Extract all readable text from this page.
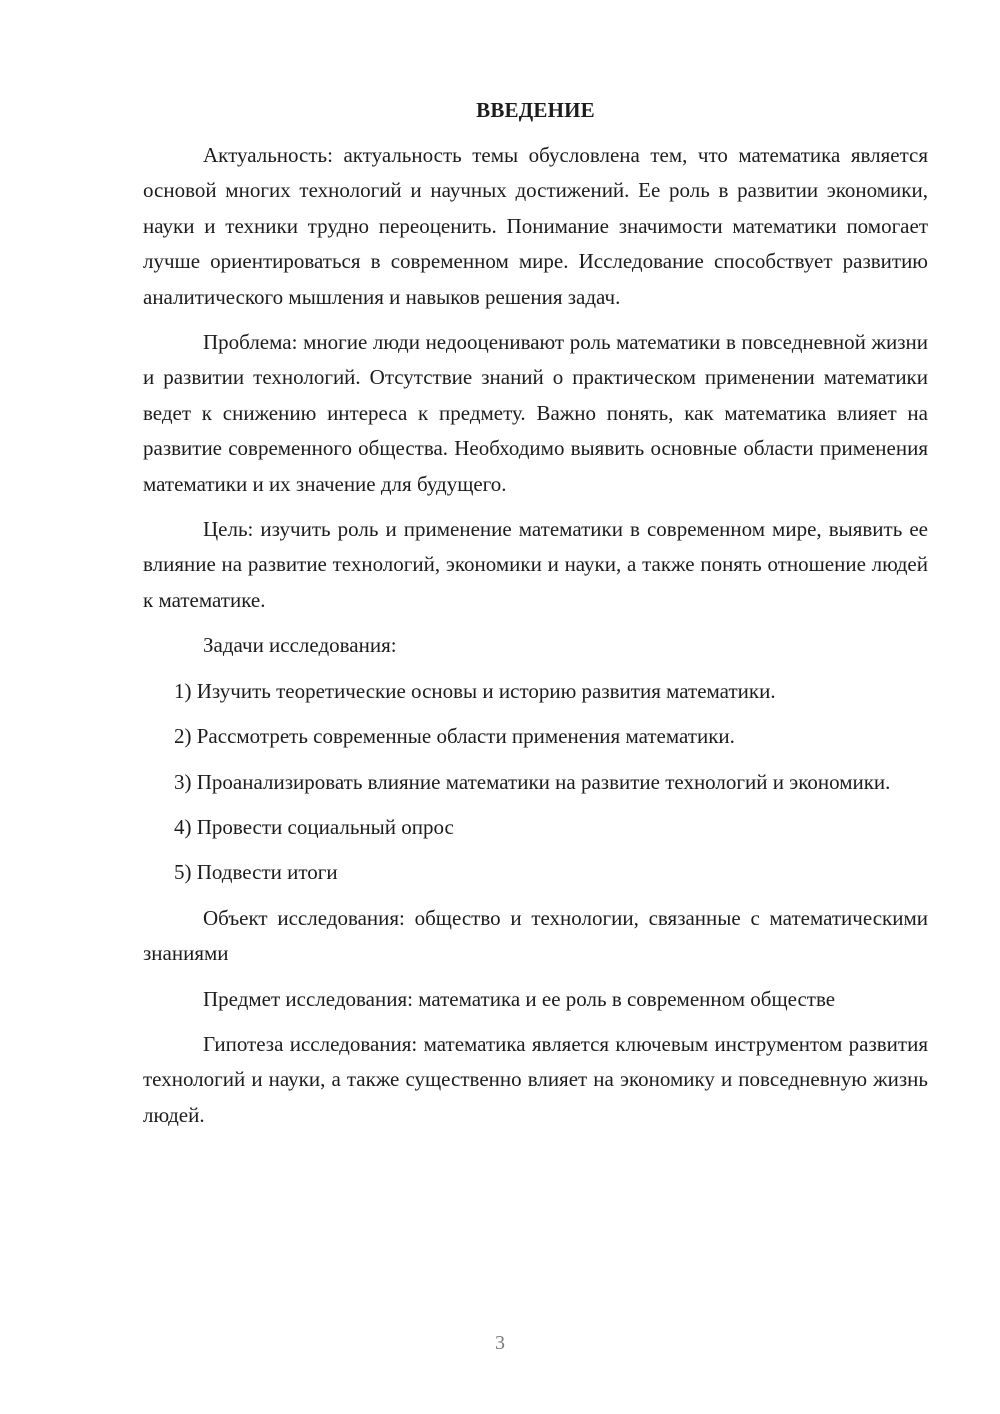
ВВЕДЕНИЕ

Актуальность: актуальность темы обусловлена тем, что математика является основой многих технологий и научных достижений. Ее роль в развитии экономики, науки и техники трудно переоценить. Понимание значимости математики помогает лучше ориентироваться в современном мире. Исследование способствует развитию аналитического мышления и навыков решения задач.

Проблема: многие люди недооценивают роль математики в повседневной жизни и развитии технологий. Отсутствие знаний о практическом применении математики ведет к снижению интереса к предмету. Важно понять, как математика влияет на развитие современного общества. Необходимо выявить основные области применения математики и их значение для будущего.

Цель: изучить роль и применение математики в современном мире, выявить ее влияние на развитие технологий, экономики и науки, а также понять отношение людей к математике.

Задачи исследования:

1) Изучить теоретические основы и историю развития математики.

2) Рассмотреть современные области применения математики.

3) Проанализировать влияние математики на развитие технологий и экономики.

4) Провести социальный опрос

5) Подвести итоги

Объект исследования: общество и технологии, связанные с математическими знаниями

Предмет исследования: математика и ее роль в современном обществе

Гипотеза исследования: математика является ключевым инструментом развития технологий и науки, а также существенно влияет на экономику и повседневную жизнь людей.

3
